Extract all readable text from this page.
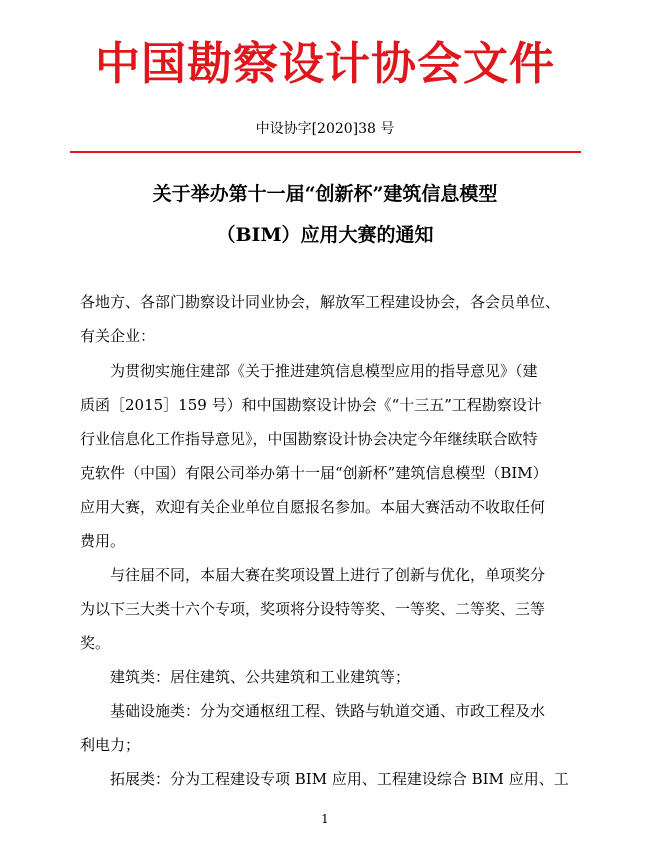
中国勘察设计协会文件
中设协字[2020]38 号
关于举办第十一届“创新杯”建筑信息模型
（BIM）应用大赛的通知
各地方、各部门勘察设计同业协会，解放军工程建设协会，各会员单位、
有关企业：
为贯彻实施住建部《关于推进建筑信息模型应用的指导意见》（建
质函［2015］159 号）和中国勘察设计协会《“十三五”工程勘察设计
行业信息化工作指导意见》，中国勘察设计协会决定今年继续联合欧特
克软件（中国）有限公司举办第十一届“创新杯”建筑信息模型（BIM）
应用大赛，欢迎有关企业单位自愿报名参加。本届大赛活动不收取任何
费用。
与往届不同，本届大赛在奖项设置上进行了创新与优化，单项奖分
为以下三大类十六个专项，奖项将分设特等奖、一等奖、二等奖、三等
奖。
建筑类：居住建筑、公共建筑和工业建筑等；
基础设施类：分为交通枢纽工程、铁路与轨道交通、市政工程及水
利电力；
拓展类：分为工程建设专项 BIM 应用、工程建设综合 BIM 应用、工
1
